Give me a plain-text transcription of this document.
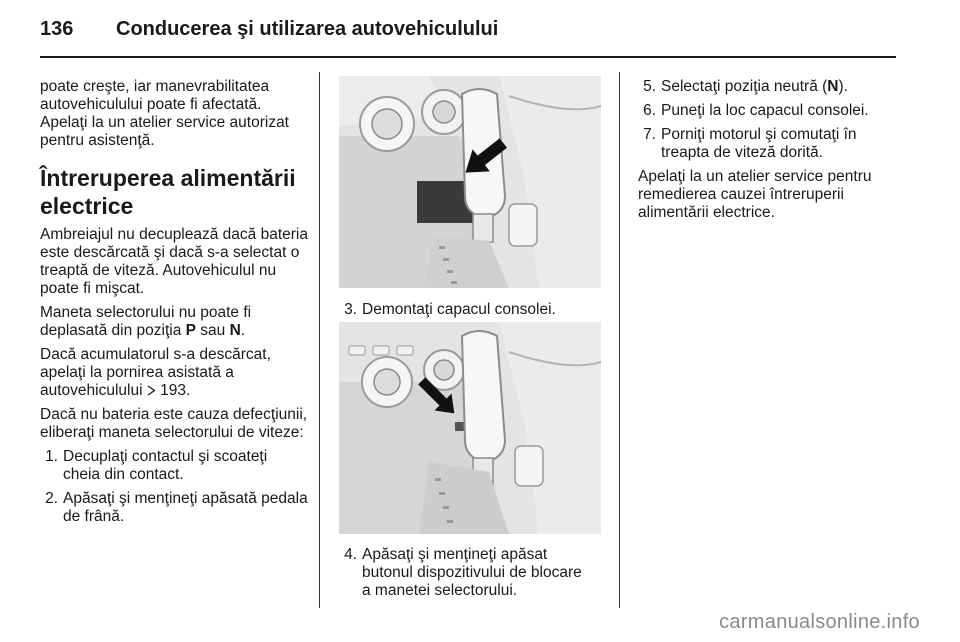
136 Conducerea şi utilizarea autovehiculului

poate creşte, iar manevrabilitatea autovehiculului poate fi afectată. Apelaţi la un atelier service autorizat pentru asistenţă.

Întreruperea alimentării electrice

Ambreiajul nu decuplează dacă bateria este descărcată şi dacă s-a selectat o treaptă de viteză. Autovehiculul nu poate fi mişcat.

Maneta selectorului nu poate fi deplasată din poziţia P sau N.

Dacă acumulatorul s-a descărcat, apelaţi la pornirea asistată a autovehiculului  193.

Dacă nu bateria este cauza defecţiunii, eliberaţi maneta selectorului de viteze:

1. Decuplaţi contactul şi scoateţi cheia din contact.
2. Apăsaţi şi menţineţi apăsată pedala de frână.
3. Demontaţi capacul consolei.
4. Apăsaţi şi menţineţi apăsat butonul dispozitivului de blocare a manetei selectorului.
5. Selectaţi poziţia neutră (N).
6. Puneţi la loc capacul consolei.
7. Porniţi motorul şi comutaţi în treapta de viteză dorită.

Apelaţi la un atelier service pentru remedierea cauzei întreruperii alimentării electrice.

carmanualsonline.info
